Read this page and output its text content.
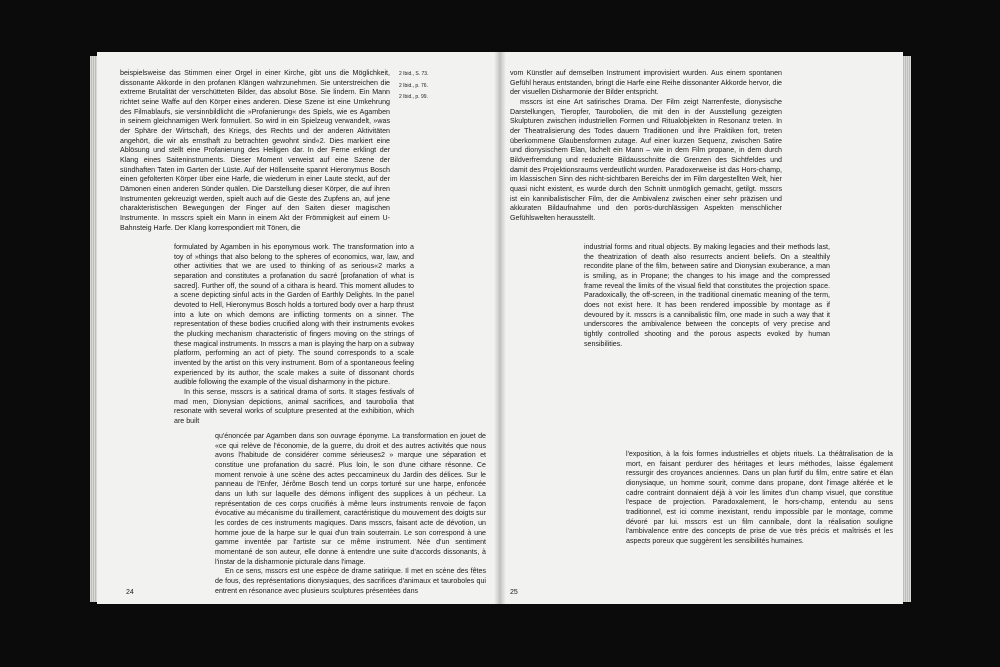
beispielsweise das Stimmen einer Orgel in einer Kirche, gibt uns die Möglichkeit, dissonante Akkorde in den profanen Klängen wahrzunehmen. Sie unterstreichen die extreme Brutalität der verschütteten Bilder, das absolut Böse. Sie lindern. Ein Mann richtet seine Waffe auf den Körper eines anderen. Diese Szene ist eine Umkehrung des Filmablaufs, sie versinnbildlicht die »Profanierung« des Spiels, wie es Agamben in seinem gleichnamigen Werk formuliert. So wird in ein Spielzeug verwandelt, »was der Sphäre der Wirtschaft, des Kriegs, des Rechts und der anderen Aktivitäten angehört, die wir als ernsthaft zu betrachten gewohnt sind«2. Dies markiert eine Ablösung und stellt eine Profanierung des Heiligen dar. In der Ferne erklingt der Klang eines Saiteninstruments. Dieser Moment verweist auf eine Szene der sündhaften Taten im Garten der Lüste. Auf der Höllenseite spannt Hieronymus Bosch einen gefolterten Körper über eine Harfe, die wiederum in einer Laute steckt, auf der Dämonen einen anderen Sünder quälen. Die Darstellung dieser Körper, die auf ihren Instrumenten gekreuzigt werden, spielt auch auf die Geste des Zupfens an, auf jene charakteristischen Bewegungen der Finger auf den Saiten dieser magischen Instrumente. In msscrs spielt ein Mann in einem Akt der Frömmigkeit auf einem U-Bahnsteig Harfe. Der Klang korrespondiert mit Tönen, die

2 Ibid., S. 73.
2 Ibid., p. 76.
2 Ibid., p. 99.

formulated by Agamben in his eponymous work. The transformation into a toy of »things that also belong to the spheres of economics, war, law, and other activities that we are used to thinking of as serious«2 marks a separation and constitutes a profanation du sacré [profanation of what is sacred]. Further off, the sound of a cithara is heard. This moment alludes to a scene depicting sinful acts in the Garden of Earthly Delights. In the panel devoted to Hell, Hieronymus Bosch holds a tortured body over a harp thrust into a lute on which demons are inflicting torments on a sinner. The representation of these bodies crucified along with their instruments evokes the plucking mechanism characteristic of fingers moving on the strings of these magical instruments. In msscrs a man is playing the harp on a subway platform, performing an act of piety. The sound corresponds to a scale invented by the artist on this very instrument. Born of a spontaneous feeling experienced by its author, the scale makes a suite of dissonant chords audible following the example of the visual disharmony in the picture.

In this sense, msscrs is a satirical drama of sorts. It stages festivals of mad men, Dionysian depictions, animal sacrifices, and taurobolia that resonate with several works of sculpture presented at the exhibition, which are built

qu'énoncée par Agamben dans son ouvrage éponyme. La transformation en jouet de «ce qui relève de l'économie, de la guerre, du droit et des autres activités que nous avons l'habitude de considérer comme sérieuses2 » marque une séparation et constitue une profanation du sacré. Plus loin, le son d'une cithare résonne. Ce moment renvoie à une scène des actes peccamineux du Jardin des délices. Sur le panneau de l'Enfer, Jérôme Bosch tend un corps torturé sur une harpe, enfoncée dans un luth sur laquelle des démons infligent des supplices à un pécheur. La représentation de ces corps crucifiés à même leurs instruments renvoie de façon évocative au mécanisme du tiraillement, caractéristique du mouvement des doigts sur les cordes de ces instruments magiques. Dans msscrs, faisant acte de dévotion, un homme joue de la harpe sur le quai d'un train souterrain. Le son correspond à une gamme inventée par l'artiste sur ce même instrument. Née d'un sentiment momentané de son auteur, elle donne à entendre une suite d'accords dissonants, à l'instar de la disharmonie picturale dans l'image.

En ce sens, msscrs est une espèce de drame satirique. Il met en scène des fêtes de fous, des représentations dionysiaques, des sacrifices d'animaux et tauroboles qui entrent en résonance avec plusieurs sculptures présentées dans

24

vom Künstler auf demselben Instrument improvisiert wurden. Aus einem spontanen Gefühl heraus entstanden, bringt die Harfe eine Reihe dissonanter Akkorde hervor, die der visuellen Disharmonie der Bilder entspricht.

msscrs ist eine Art satirisches Drama. Der Film zeigt Narrenfeste, dionysische Darstellungen, Tieropfer, Taurobolien, die mit den in der Ausstellung gezeigten Skulpturen zwischen industriellen Formen und Ritualobjekten in Resonanz treten. In der Theatralisierung des Todes dauern Traditionen und ihre Praktiken fort, treten überkommene Glaubensformen zutage. Auf einer kurzen Sequenz, zwischen Satire und dionysischem Elan, lächelt ein Mann – wie in dem Film propane, in dem durch Bildverfremdung und reduzierte Bildausschnitte die Grenzen des Sichtfeldes und damit des Projektionsraums verdeutlicht wurden. Paradoxerweise ist das Hors-champ, im klassischen Sinn des nicht-sichtbaren Bereichs der im Film dargestellten Welt, hier quasi nicht existent, es wurde durch den Schnitt unmöglich gemacht, getilgt. msscrs ist ein kannibalistischer Film, der die Ambivalenz zwischen einer sehr präzisen und akkuraten Bildaufnahme und den porös-durchlässigen Aspekten menschlicher Gefühlswelten herausstellt.

industrial forms and ritual objects. By making legacies and their methods last, the theatrization of death also resurrects ancient beliefs. On a stealthily recondite plane of the film, between satire and Dionysian exuberance, a man is smiling, as in Propane; the changes to his image and the compressed frame reveal the limits of the visual field that constitutes the projection space. Paradoxically, the off-screen, in the traditional cinematic meaning of the term, does not exist here. It has been rendered impossible by montage as if devoured by it. msscrs is a cannibalistic film, one made in such a way that it underscores the ambivalence between the concepts of very precise and tightly controlled shooting and the porous aspects evoked by human sensibilities.

l'exposition, à la fois formes industrielles et objets rituels. La théâtralisation de la mort, en faisant perdurer des héritages et leurs méthodes, laisse également ressurgir des croyances anciennes. Dans un plan furtif du film, entre satire et élan dionysiaque, un homme sourit, comme dans propane, dont l'image altérée et le cadre contraint donnaient déjà à voir les limites d'un champ visuel, que constitue l'espace de projection. Paradoxalement, le hors-champ, entendu au sens traditionnel, est ici comme inexistant, rendu impossible par le montage, comme dévoré par lui. msscrs est un film cannibale, dont la réalisation souligne l'ambivalence entre des concepts de prise de vue très précis et maîtrisés et les aspects poreux que suggèrent les sensibilités humaines.

25
